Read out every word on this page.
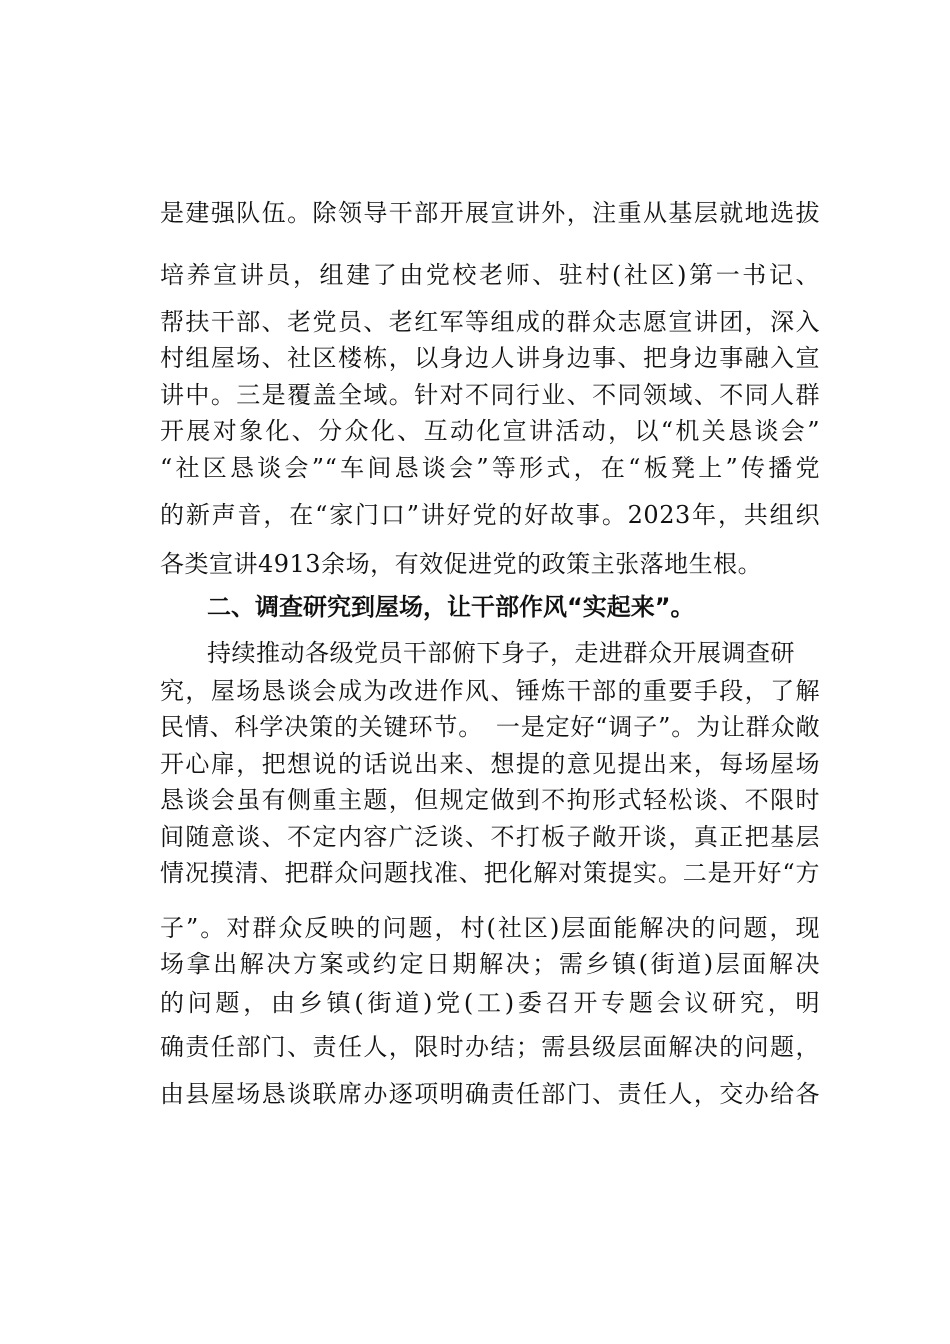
是建强队伍。除领导干部开展宣讲外，注重从基层就地选拔
培养宣讲员，组建了由党校老师、驻村(社区)第一书记、
帮扶干部、老党员、老红军等组成的群众志愿宣讲团，深入
村组屋场、社区楼栋，以身边人讲身边事、把身边事融入宣
讲中。三是覆盖全域。针对不同行业、不同领域、不同人群
开展对象化、分众化、互动化宣讲活动，以“机关恳谈会”
“社区恳谈会”“车间恳谈会”等形式，在“板凳上”传播党
的新声音，在“家门口”讲好党的好故事。2023年，共组织
各类宣讲4913余场，有效促进党的政策主张落地生根。
二、调查研究到屋场，让干部作风“实起来”。
持续推动各级党员干部俯下身子，走进群众开展调查研
究，屋场恳谈会成为改进作风、锤炼干部的重要手段，了解
民情、科学决策的关键环节。　一是定好“调子”。为让群众敞
开心扉，把想说的话说出来、想提的意见提出来，每场屋场
恳谈会虽有侧重主题，但规定做到不拘形式轻松谈、不限时
间随意谈、不定内容广泛谈、不打板子敞开谈，真正把基层
情况摸清、把群众问题找准、把化解对策提实。二是开好“方
子”。对群众反映的问题，村(社区)层面能解决的问题，现
场拿出解决方案或约定日期解决；需乡镇(街道)层面解决
的问题，由乡镇(街道)党(工)委召开专题会议研究，明
确责任部门、责任人，限时办结；需县级层面解决的问题，
由县屋场恳谈联席办逐项明确责任部门、责任人，交办给各
